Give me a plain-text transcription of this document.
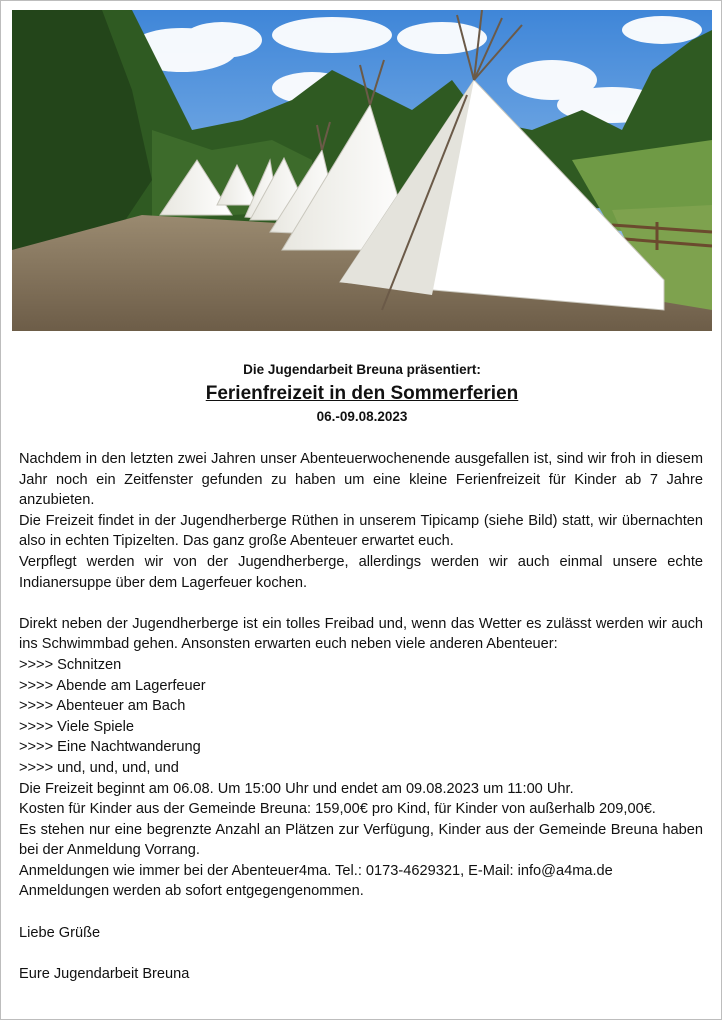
Die Jugendarbeit Breuna präsentiert:
Ferienfreizeit in den Sommerferien
06.-09.08.2023

Nachdem in den letzten zwei Jahren unser Abenteuerwochenende ausgefallen ist, sind wir froh in diesem Jahr noch ein Zeitfenster gefunden zu haben um eine kleine Ferienfreizeit für Kinder ab 7 Jahre anzubieten.

Die Freizeit findet in der Jugendherberge Rüthen in unserem Tipicamp (siehe Bild) statt, wir übernachten also in echten Tipizelten. Das ganz große Abenteuer erwartet euch.

Verpflegt werden wir von der Jugendherberge, allerdings werden wir auch einmal unsere echte Indianersuppe über dem Lagerfeuer kochen.

Direkt neben der Jugendherberge ist ein tolles Freibad und, wenn das Wetter es zulässt werden wir auch ins Schwimmbad gehen. Ansonsten erwarten euch neben viele anderen Abenteuer:

>>>> Schnitzen

>>>> Abende am Lagerfeuer

>>>> Abenteuer am Bach

>>>> Viele Spiele

>>>> Eine Nachtwanderung

>>>> und, und, und, und

Die Freizeit beginnt am 06.08. Um 15:00 Uhr und endet am 09.08.2023 um 11:00 Uhr.

Kosten für Kinder aus der Gemeinde Breuna: 159,00€ pro Kind, für Kinder von außerhalb 209,00€.

Es stehen nur eine begrenzte Anzahl an Plätzen zur Verfügung, Kinder aus der Gemeinde Breuna haben bei der Anmeldung Vorrang.

Anmeldungen wie immer bei der Abenteuer4ma. Tel.: 0173-4629321, E-Mail: info@a4ma.de

Anmeldungen werden ab sofort entgegengenommen.

Liebe Grüße

Eure Jugendarbeit Breuna
